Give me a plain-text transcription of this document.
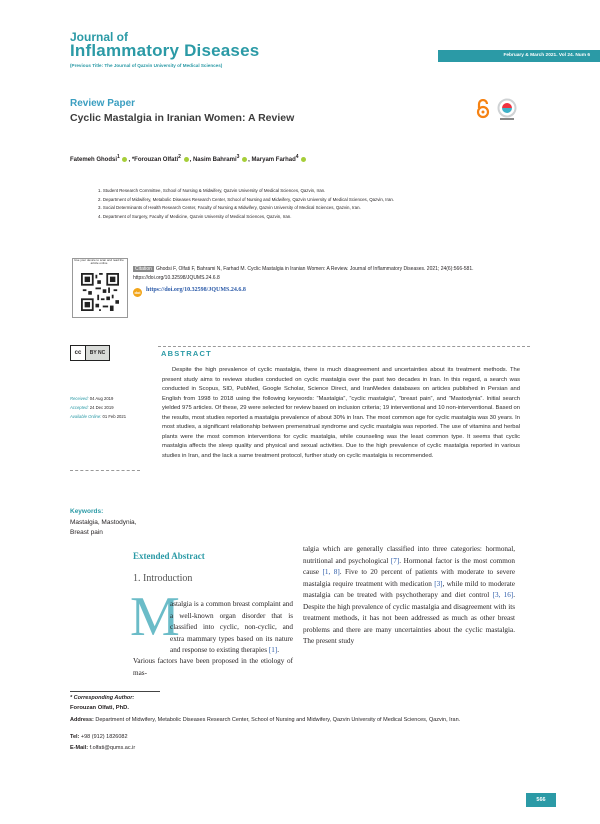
Journal of
Inflammatory Diseases
(Previous Title: The Journal of Qazvin University of Medical Sciences)
February & March 2021. Vol 24. Num 6
Review Paper
Cyclic Mastalgia in Iranian Women: A Review
Fatemeh Ghodsi$^1$ , *Forouzan Olfati$^2$ , Nasim Bahrami$^3$ , Maryam Farhad$^4$
1. Student Research Committee, School of Nursing & Midwifery, Qazvin University of Medical Sciences, Qazvin, Iran.
2. Department of Midwifery, Metabolic Diseases Research Center, School of Nursing and Midwifery, Qazvin University of Medical Sciences, Qazvin, Iran.
3. Social Determinants of Health Research Center, Faculty of Nursing & Midwifery, Qazvin University of Medical Sciences, Qazvin, Iran.
4. Department of Surgery, Faculty of Medicine, Qazvin University of Medical Sciences, Qazvin, Iran.
Use your device to scan and read the article online
Citation Ghodsi F, Olfati F, Bahrami N, Farhad M. Cyclic Mastalgia in Iranian Women: A Review. Journal of Inflammatory Diseases. 2021; 24(6):566-581. https://doi.org/10.32598/JQUMS.24.6.8
doi https://doi.org/10.32598/JQUMS.24.6.8
cc	BY NC	ABSTRACT
Despite the high prevalence of cyclic mastalgia, there is much disagreement and uncertainties about its treatment methods. The present study aims to reviews studies conducted on cyclic mastalgia over the past two decades in Iran. In this regard, a search was conducted in Scopus, SID, PubMed, Google Scholar, Science Direct, and IranMedex databases on articles published in Persian and English from 1998 to 2018 using the following keywords: “Mastalgia”, “cyclic mastalgia”, “breast pain”, and “Mastodynia”. Initial search yielded 975 articles. Of these, 29 were selected for review based on inclusion criteria; 19 interventional and 10 non-interventional. Based on the results, most studies reported a mastalgia prevalence of about 30% in Iran. The most common age for cyclic mastalgia was 30 years. In most studies, a significant relationship between premenstrual syndrome and cyclic mastalgia was reported. The use of vitamins and herbal plants were the most common interventions for cyclic mastalgia, while counseling was the least common type. It seems that cyclic mastalgia affects the sleep quality and physical and sexual activities. Due to the high prevalence of cyclic mastalgia reported in various studies in Iran, and the lack a same treatment protocol, further study on cyclic mastalgia is recommended.
Received: 04 Aug 2019
Accepted: 24 Dec 2019
Available Online: 01 Feb 2021
Keywords:
Mastalgia, Mastodynia, Breast pain
Extended Abstract
1. Introduction
M
astalgia is a common breast complaint and a well-known organ disorder that is classified into cyclic, non-cyclic, and extra mammary types based on its nature and response to existing therapies [1].
Various factors have been proposed in the etiology of mas-
talgia which are generally classified into three categories: hormonal, nutritional and psychological [7]. Hormonal factor is the most common cause [1, 8]. Five to 20 percent of patients with moderate to severe mastalgia require treatment with medication [3], while mild to moderate mastalgia can be treated with psychotherapy and diet control [3, 16]. Despite the high prevalence of cyclic mastalgia and disagreement with its treatment methods, it has not been addressed as much as other breast problems and there are many uncertainties about the cyclic mastalgia. The present study
* Corresponding Author:
Forouzan Olfati, PhD.
Address: Department of Midwifery, Metabolic Diseases Research Center, School of Nursing and Midwifery, Qazvin University of Medical Sciences, Qazvin, Iran.
Tel: +98 (912) 1826082
E-Mail: f.olfati@qums.ac.ir
566
